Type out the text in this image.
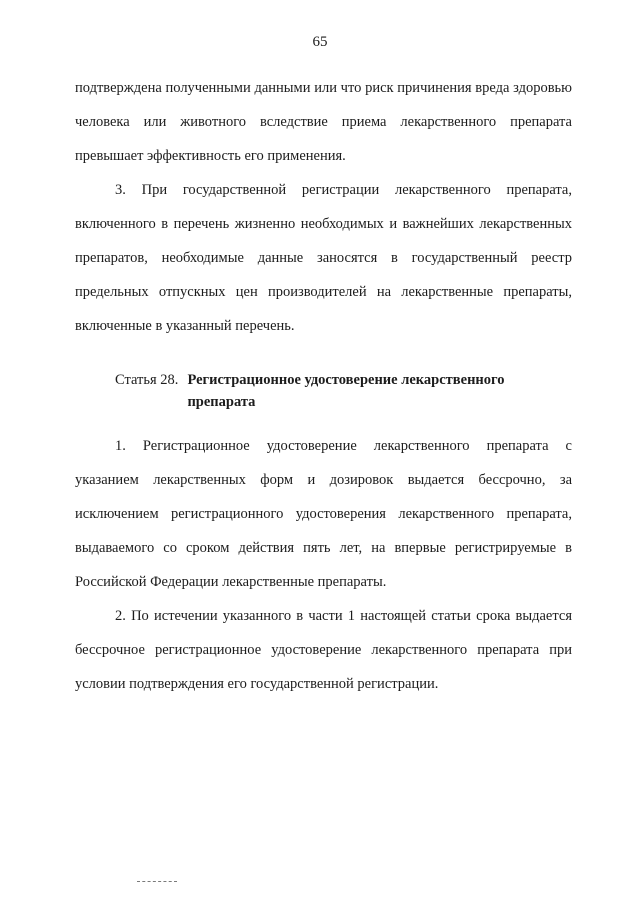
65

подтверждена полученными данными или что риск причинения вреда здоровью человека или животного вследствие приема лекарственного препарата превышает эффективность его применения.

3. При государственной регистрации лекарственного препарата, включенного в перечень жизненно необходимых и важнейших лекарственных препаратов, необходимые данные заносятся в государственный реестр предельных отпускных цен производителей на лекарственные препараты, включенные в указанный перечень.

Статья 28. Регистрационное удостоверение лекарственного препарата

1. Регистрационное удостоверение лекарственного препарата с указанием лекарственных форм и дозировок выдается бессрочно, за исключением регистрационного удостоверения лекарственного препарата, выдаваемого со сроком действия пять лет, на впервые регистрируемые в Российской Федерации лекарственные препараты.

2. По истечении указанного в части 1 настоящей статьи срока выдается бессрочное регистрационное удостоверение лекарственного препарата при условии подтверждения его государственной регистрации.
